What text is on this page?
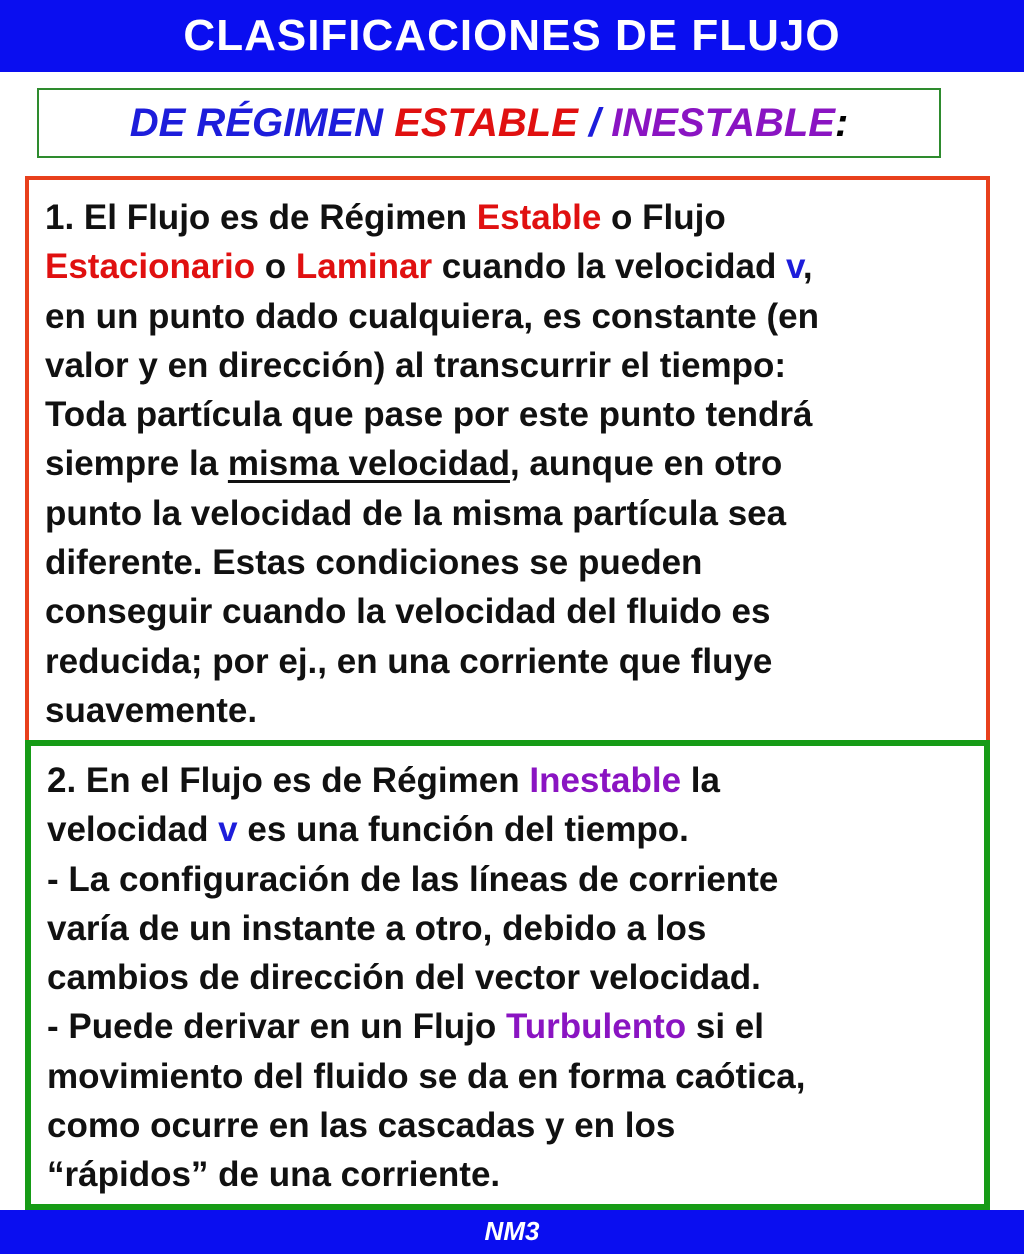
CLASIFICACIONES DE FLUJO
DE RÉGIMEN ESTABLE / INESTABLE:
1. El Flujo es de Régimen Estable o Flujo
Estacionario o Laminar cuando la velocidad v,
en un punto dado cualquiera, es constante (en
valor y en dirección) al transcurrir el tiempo:
Toda partícula que pase por este punto tendrá
siempre la misma velocidad, aunque en otro
punto la velocidad de la misma partícula sea
diferente. Estas condiciones se pueden
conseguir cuando la velocidad del fluido es
reducida; por ej., en una corriente que fluye
suavemente.
2. En el Flujo es de Régimen Inestable la
velocidad v es una función del tiempo.
- La configuración de las líneas de corriente
varía de un instante a otro, debido a los
cambios de dirección del vector velocidad.
- Puede derivar en un Flujo Turbulento si el
movimiento del fluido se da en forma caótica,
como ocurre en las cascadas y en los
“rápidos” de una corriente.
NM3
